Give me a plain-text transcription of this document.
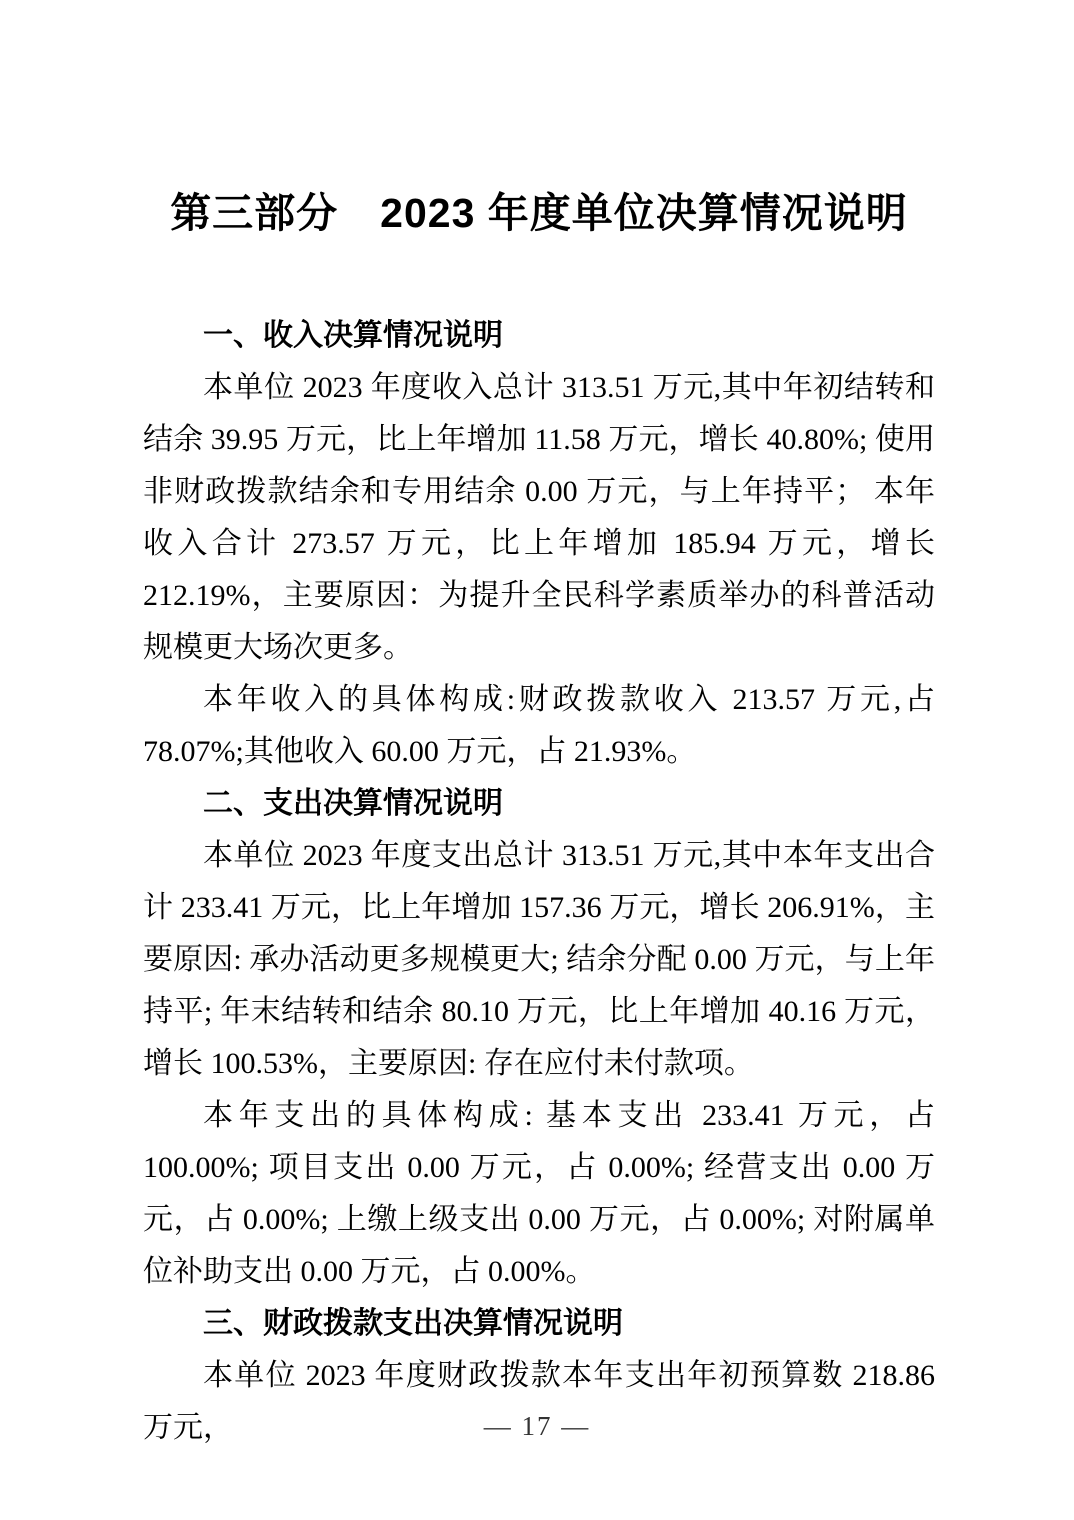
第三部分　2023 年度单位决算情况说明
一、收入决算情况说明

本单位 2023 年度收入总计 313.51 万元,其中年初结转和结余 39.95 万元，比上年增加 11.58 万元，增长 40.80%; 使用非财政拨款结余和专用结余 0.00 万元，与上年持平； 本年收入合计 273.57 万元，比上年增加 185.94 万元，增长 212.19%，主要原因：为提升全民科学素质举办的科普活动规模更大场次更多。

本年收入的具体构成:财政拨款收入 213.57 万元,占 78.07%;其他收入 60.00 万元，占 21.93%。

二、支出决算情况说明

本单位 2023 年度支出总计 313.51 万元,其中本年支出合计 233.41 万元，比上年增加 157.36 万元，增长 206.91%，主要原因: 承办活动更多规模更大; 结余分配 0.00 万元，与上年持平; 年末结转和结余 80.10 万元，比上年增加 40.16 万元，增长 100.53%，主要原因: 存在应付未付款项。

本年支出的具体构成: 基本支出 233.41 万元，占 100.00%; 项目支出 0.00 万元，占 0.00%; 经营支出 0.00 万元，占 0.00%; 上缴上级支出 0.00 万元，占 0.00%; 对附属单位补助支出 0.00 万元，占 0.00%。

三、财政拨款支出决算情况说明

本单位 2023 年度财政拨款本年支出年初预算数 218.86 万元，	— 17 —
